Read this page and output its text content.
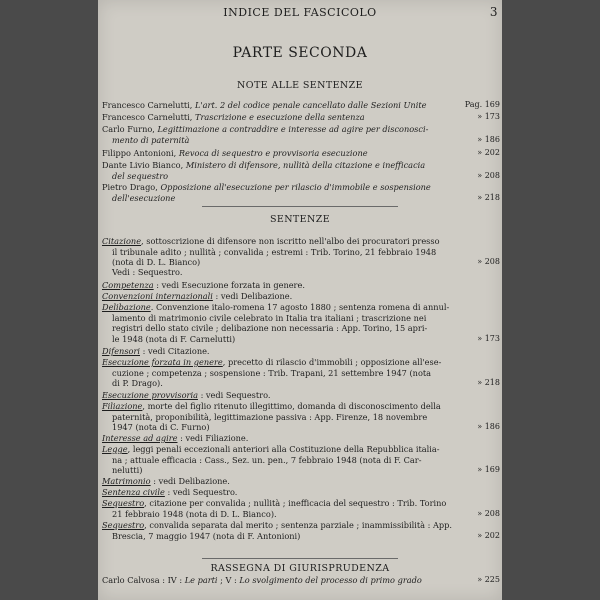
INDICE DEL FASCICOLO	3
PARTE SECONDA
NOTE ALLE SENTENZE
Francesco Carnelutti, L'art. 2 del codice penale cancellato dalle Sezioni Unite	Pag. 169
Francesco Carnelutti, Trascrizione e esecuzione della sentenza	» 173
Carlo Furno, Legittimazione a contraddire e interesse ad agire per disconosci-
mento di paternità	» 186
Filippo Antonioni, Revoca di sequestro e provvisoria esecuzione	» 202
Dante Livio Bianco, Ministero di difensore, nullità della citazione e inefficacia
del sequestro	» 208
Pietro Drago, Opposizione all'esecuzione per rilascio d'immobile e sospensione
dell'esecuzione	» 218
SENTENZE
Citazione, sottoscrizione di difensore non iscritto nell'albo dei procuratori presso
il tribunale adito ; nullità ; convalida ; estremi : Trib. Torino, 21 febbraio 1948
(nota di D. L. Bianco)	» 208
Vedi : Sequestro.
Competenza : vedi Esecuzione forzata in genere.
Convenzioni internazionali : vedi Delibazione.
Delibazione. Convenzione italo-romena 17 agosto 1880 ; sentenza romena di annul-
lamento di matrimonio civile celebrato in Italia tra italiani ; trascrizione nei
registri dello stato civile ; delibazione non necessaria : App. Torino, 15 apri-
le 1948 (nota di F. Carnelutti)	» 173
Difensori : vedi Citazione.
Esecuzione forzata in genere, precetto di rilascio d'immobili ; opposizione all'ese-
cuzione ; competenza ; sospensione : Trib. Trapani, 21 settembre 1947 (nota
di P. Drago).	» 218
Esecuzione provvisoria : vedi Sequestro.
Filiazione, morte del figlio ritenuto illegittimo, domanda di disconoscimento della
paternità, proponibilità, legittimazione passiva : App. Firenze, 18 novembre
1947 (nota di C. Furno)	» 186
Interesse ad agire : vedi Filiazione.
Legge, leggi penali eccezionali anteriori alla Costituzione della Repubblica italia-
na ; attuale efficacia : Cass., Sez. un. pen., 7 febbraio 1948 (nota di F. Car-
nelutti)	» 169
Matrimonio : vedi Delibazione.
Sentenza civile : vedi Sequestro.
Sequestro, citazione per convalida ; nullità ; inefficacia del sequestro : Trib. Torino
21 febbraio 1948 (nota di D. L. Bianco).	» 208
Sequestro, convalida separata dal merito ; sentenza parziale ; inammissibilità : App.
Brescia, 7 maggio 1947 (nota di F. Antonioni)	» 202
RASSEGNA DI GIURISPRUDENZA
Carlo Calvosa : IV : Le parti ; V : Lo svolgimento del processo di primo grado	» 225
